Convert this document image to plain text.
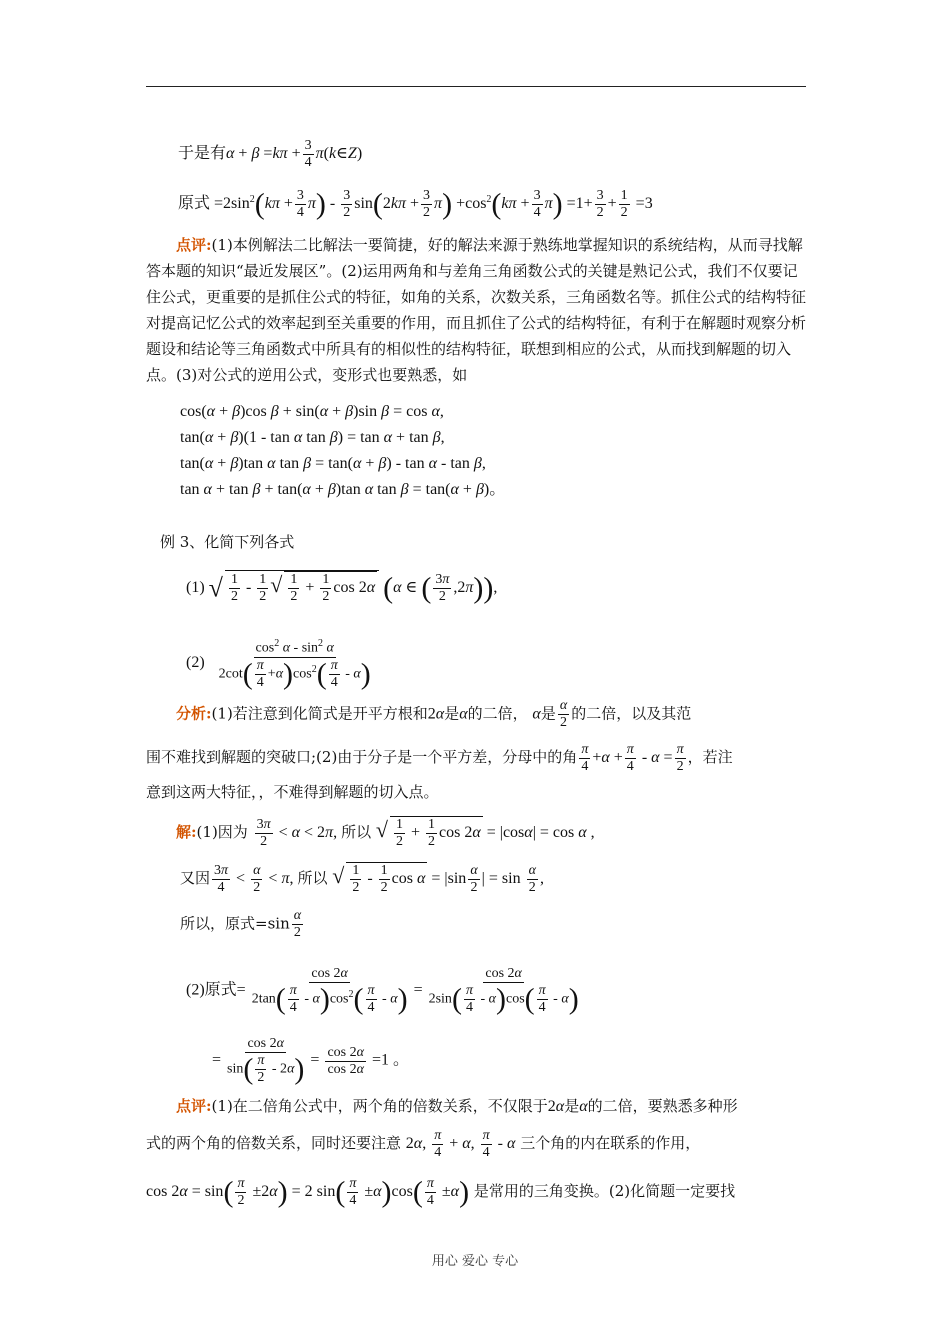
于是有$\alpha + \beta =k\pi + \frac{3}{4}$ π(k∈Z)
原式 $=2\sin^2(k\pi + \frac{3}{4} \pi) - \frac{3}{2} \sin(2k\pi + \frac{3}{2} \pi) +\cos^2(k\pi + \frac{3}{4} \pi) =1+ \frac{3}{2} + \frac{1}{2} =3$
点评:(1)本例解法二比解法一要简捷，好的解法来源于熟练地掌握知识的系统结构，从而寻找解答本题的知识“最近发展区”。(2)运用两角和与差角三角函数公式的关键是熟记公式，我们不仅要记住公式，更重要的是抓住公式的特征，如角的关系，次数关系，三角函数名等。抓住公式的结构特征对提高记忆公式的效率起到至关重要的作用，而且抓住了公式的结构特征，有利于在解题时观察分析题设和结论等三角函数式中所具有的相似性的结构特征，联想到相应的公式，从而找到解题的切入点。(3)对公式的逆用公式，变形式也要熟悉，如
cos(α + β)cos β + sin(α + β)sin β = cos α,
tan(α + β)(1 - tan α tan β) = tan α + tan β,
tan(α + β)tan α tan β = tan(α + β) - tan α - tan β,
tan α + tan β + tan(α + β)tan α tan β = tan(α + β)。
例 3、化简下列各式
(1) √ $\frac{1}{2} - \frac{1}{2}$ √ $\frac{1}{2} + \frac{1}{2}$ cos 2α (α ∈ ( $\frac{3\pi}{2} ,2\pi$)),
$(2) \frac{\cos^2 \alpha - \sin^2 \alpha}{2\cot( \frac{\pi}{4} +\alpha)\cos^2( \frac{\pi}{4} - \alpha)}$
分析:(1)若注意到化简式是开平方根和2α是α的二倍， α是 $\frac{\alpha}{2}$ 的二倍，以及其范
围不难找到解题的突破口;(2)由于分子是一个平方差，分母中的角 $\frac{\pi}{4} +\alpha + \frac{\pi}{4} - \alpha = \frac{\pi}{2}$ ，若注
意到这两大特征，，不难得到解题的切入点。
解:(1)因为 $\frac{3\pi}{2} < \alpha < 2\pi$, 所以 √ $\frac{1}{2} + \frac{1}{2}$ cos 2α = |cosα| = cos α ,
又因 $\frac{3\pi}{4} < \frac{\alpha}{2} < \pi$, 所以 √ $\frac{1}{2} - \frac{1}{2}$ $\cos \alpha = |\sin \frac{\alpha}{2}$ | = $\sin \frac{\alpha}{2}$ ,
所以，原式$=\sin \frac{\alpha}{2}$
(2)原式= $\frac{\cos 2\alpha}{2\tan( \frac{\pi}{4} - \alpha)\cos^2( \frac{\pi}{4} - \alpha)} = \frac{\cos 2\alpha}{2\sin( \frac{\pi}{4} - \alpha)\cos( \frac{\pi}{4} - \alpha)}$
= $\frac{\cos 2\alpha}{\sin( \frac{\pi}{2} - 2\alpha)} = \frac{\cos 2\alpha}{\cos 2\alpha} =1$ 。
点评:(1)在二倍角公式中，两个角的倍数关系，不仅限于2α是α的二倍，要熟悉多种形
式的两个角的倍数关系，同时还要注意 2α, $\frac{\pi}{4} + \alpha$, $\frac{\pi}{4}$ - α 三个角的内在联系的作用，
$\cos 2\alpha = \sin( \frac{\pi}{2} \pm 2\alpha) = 2$ $\sin( \frac{\pi}{4} \pm\alpha)\cos( \frac{\pi}{4} \pm\alpha)$ 是常用的三角变换。(2)化简题一定要找
用心 爱心 专心
